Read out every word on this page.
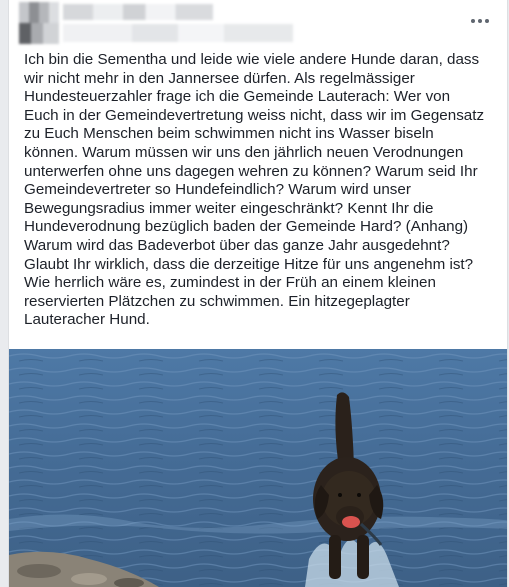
Ich bin die Sementha und leide wie viele andere Hunde daran, dass
wir nicht mehr in den Jannersee dürfen. Als regelmässiger
Hundesteuerzahler frage ich die Gemeinde Lauterach: Wer von
Euch in der Gemeindevertretung weiss nicht, dass wir im Gegensatz
zu Euch Menschen beim schwimmen nicht ins Wasser biseln
können. Warum müssen wir uns den jährlich neuen Verodnungen
unterwerfen ohne uns dagegen wehren zu können? Warum seid Ihr
Gemeindevertreter so Hundefeindlich? Warum wird unser
Bewegungsradius immer weiter eingeschränkt? Kennt Ihr die
Hundeverodnung bezüglich baden der Gemeinde Hard? (Anhang)
Warum wird das Badeverbot über das ganze Jahr ausgedehnt?
Glaubt Ihr wirklich, dass die derzeitige Hitze für uns angenehm ist?
Wie herrlich wäre es, zumindest in der Früh an einem kleinen
reservierten Plätzchen zu schwimmen. Ein hitzegeplagter
Lauteracher Hund.
